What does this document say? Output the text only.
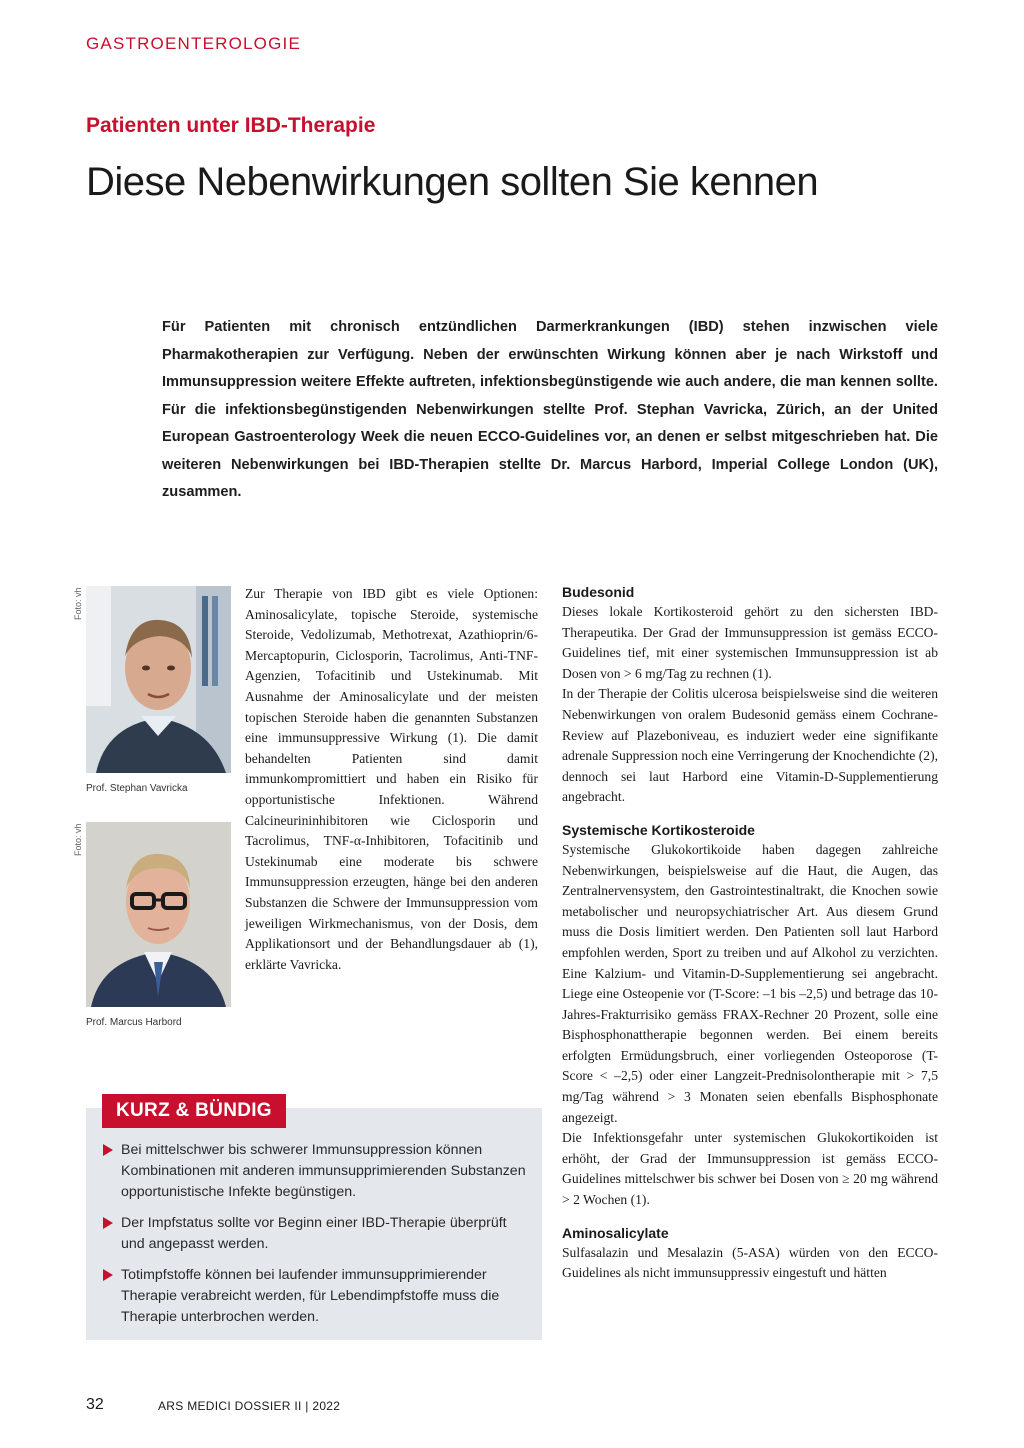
GASTROENTEROLOGIE
Patienten unter IBD-Therapie
Diese Nebenwirkungen sollten Sie kennen
Für Patienten mit chronisch entzündlichen Darmerkrankungen (IBD) stehen inzwischen viele Pharmakotherapien zur Verfügung. Neben der erwünschten Wirkung können aber je nach Wirkstoff und Immunsuppression weitere Effekte auftreten, infektionsbegünstigende wie auch andere, die man kennen sollte. Für die infektionsbegünstigenden Nebenwirkungen stellte Prof. Stephan Vavricka, Zürich, an der United European Gastroenterology Week die neuen ECCO-Guidelines vor, an denen er selbst mitgeschrieben hat. Die weiteren Nebenwirkungen bei IBD-Therapien stellte Dr. Marcus Harbord, Imperial College London (UK), zusammen.
Foto: vh
Prof. Stephan Vavricka
Foto: vh
Prof. Marcus Harbord
Zur Therapie von IBD gibt es viele Optionen: Aminosalicylate, topische Steroide, systemische Steroide, Vedolizumab, Methotrexat, Azathioprin/6-Mercaptopurin, Ciclosporin, Tacrolimus, Anti-TNF-Agenzien, Tofacitinib und Ustekinumab. Mit Ausnahme der Aminosalicylate und der meisten topischen Steroide haben die genannten Substanzen eine immunsuppressive Wirkung (1). Die damit behandelten Patienten sind damit immunkompromittiert und haben ein Risiko für opportunistische Infektionen. Während Calcineurininhibitoren wie Ciclosporin und Tacrolimus, TNF-α-Inhibitoren, Tofacitinib und Ustekinumab eine moderate bis schwere Immunsuppression erzeugten, hänge bei den anderen Substanzen die Schwere der Immunsuppression vom jeweiligen Wirkmechanismus, von der Dosis, dem Applikationsort und der Behandlungsdauer ab (1), erklärte Vavricka.
Budesonid

Dieses lokale Kortikosteroid gehört zu den sichersten IBD-Therapeutika. Der Grad der Immunsuppression ist gemäss ECCO-Guidelines tief, mit einer systemischen Immunsuppression ist ab Dosen von > 6 mg/Tag zu rechnen (1).

In der Therapie der Colitis ulcerosa beispielsweise sind die weiteren Nebenwirkungen von oralem Budesonid gemäss einem Cochrane-Review auf Plazeboniveau, es induziert weder eine signifikante adrenale Suppression noch eine Verringerung der Knochendichte (2), dennoch sei laut Harbord eine Vitamin-D-Supplementierung angebracht.

Systemische Kortikosteroide

Systemische Glukokortikoide haben dagegen zahlreiche Nebenwirkungen, beispielsweise auf die Haut, die Augen, das Zentralnervensystem, den Gastrointestinaltrakt, die Knochen sowie metabolischer und neuropsychiatrischer Art. Aus diesem Grund muss die Dosis limitiert werden. Den Patienten soll laut Harbord empfohlen werden, Sport zu treiben und auf Alkohol zu verzichten. Eine Kalzium- und Vitamin-D-Supplementierung sei angebracht. Liege eine Osteopenie vor (T-Score: –1 bis –2,5) und betrage das 10-Jahres-Frakturrisiko gemäss FRAX-Rechner 20 Prozent, solle eine Bisphosphonattherapie begonnen werden. Bei einem bereits erfolgten Ermüdungsbruch, einer vorliegenden Osteoporose (T-Score < –2,5) oder einer Langzeit-Prednisolontherapie mit > 7,5 mg/Tag während > 3 Monaten seien ebenfalls Bisphosphonate angezeigt.

Die Infektionsgefahr unter systemischen Glukokortikoiden ist erhöht, der Grad der Immunsuppression ist gemäss ECCO-Guidelines mittelschwer bis schwer bei Dosen von ≥ 20 mg während > 2 Wochen (1).

Aminosalicylate

Sulfasalazin und Mesalazin (5-ASA) würden von den ECCO-Guidelines als nicht immunsuppressiv eingestuft und hätten

KURZ & BÜNDIG
Bei mittelschwer bis schwerer Immunsuppression können Kombinationen mit anderen immunsupprimierenden Substanzen opportunistische Infekte begünstigen.
Der Impfstatus sollte vor Beginn einer IBD-Therapie überprüft und angepasst werden.
Totimpfstoffe können bei laufender immunsupprimierender Therapie verabreicht werden, für Lebendimpfstoffe muss die Therapie unterbrochen werden.
32	ARS MEDICI DOSSIER II | 2022
